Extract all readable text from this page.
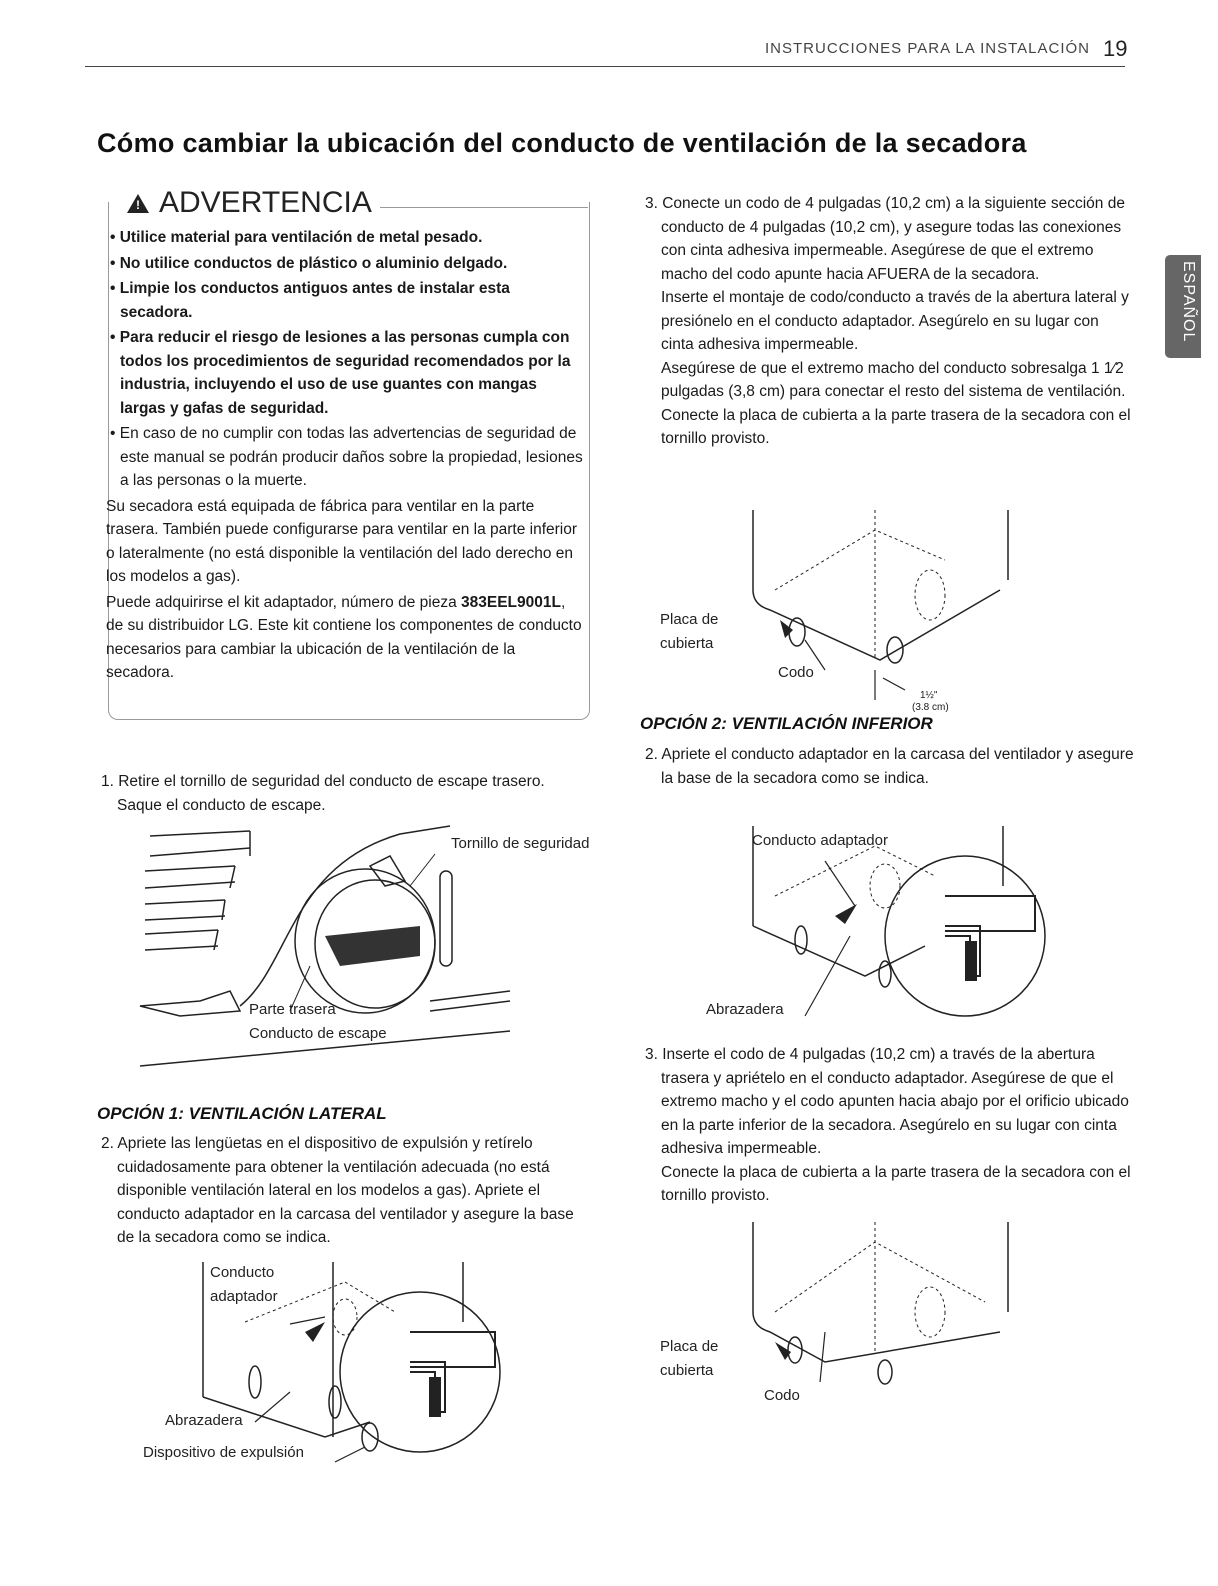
INSTRUCCIONES PARA LA INSTALACIÓN 19
ESPAÑOL
Cómo cambiar la ubicación del conducto de ventilación de la secadora
! ADVERTENCIA
• Utilice material para ventilación de metal pesado.
• No utilice conductos de plástico o aluminio delgado.
• Limpie los conductos antiguos antes de instalar esta secadora.
• Para reducir el riesgo de lesiones a las personas cumpla con todos los procedimientos de seguridad recomendados por la industria, incluyendo el uso de use guantes con mangas largas y gafas de seguridad.
• En caso de no cumplir con todas las advertencias de seguridad de este manual se podrán producir daños sobre la propiedad, lesiones a las personas o la muerte.
Su secadora está equipada de fábrica para ventilar en la parte trasera. También puede configurarse para ventilar en la parte inferior o lateralmente (no está disponible la ventilación del lado derecho en los modelos a gas).
Puede adquirirse el kit adaptador, número de pieza 383EEL9001L, de su distribuidor LG. Este kit contiene los componentes de conducto necesarios para cambiar la ubicación de la ventilación de la secadora.
1. Retire el tornillo de seguridad del conducto de escape trasero. Saque el conducto de escape.
Tornillo de seguridad
Parte trasera
Conducto de escape
OPCIÓN 1: VENTILACIÓN LATERAL
2. Apriete las lengüetas en el dispositivo de expulsión y retírelo cuidadosamente para obtener la ventilación adecuada (no está disponible ventilación lateral en los modelos a gas). Apriete el conducto adaptador en la carcasa del ventilador y asegure la base de la secadora como se indica.
Conducto adaptador
Abrazadera
Dispositivo de expulsión
3. Conecte un codo de 4 pulgadas (10,2 cm) a la siguiente sección de conducto de 4 pulgadas (10,2 cm), y asegure todas las conexiones con cinta adhesiva impermeable. Asegúrese de que el extremo macho del codo apunte hacia AFUERA de la secadora.
Inserte el montaje de codo/conducto a través de la abertura lateral y presiónelo en el conducto adaptador. Asegúrelo en su lugar con cinta adhesiva impermeable.
Asegúrese de que el extremo macho del conducto sobresalga 1 1⁄2 pulgadas (3,8 cm) para conectar el resto del sistema de ventilación.
Conecte la placa de cubierta a la parte trasera de la secadora con el tornillo provisto.
Placa de cubierta
Codo
1½"
(3.8 cm)
OPCIÓN 2: VENTILACIÓN INFERIOR
2. Apriete el conducto adaptador en la carcasa del ventilador y asegure la base de la secadora como se indica.
Conducto adaptador
Abrazadera
3. Inserte el codo de 4 pulgadas (10,2 cm) a través de la abertura trasera y apriételo en el conducto adaptador. Asegúrese de que el extremo macho y el codo apunten hacia abajo por el orificio ubicado en la parte inferior de la secadora. Asegúrelo en su lugar con cinta adhesiva impermeable.
Conecte la placa de cubierta a la parte trasera de la secadora con el tornillo provisto.
Placa de cubierta
Codo
